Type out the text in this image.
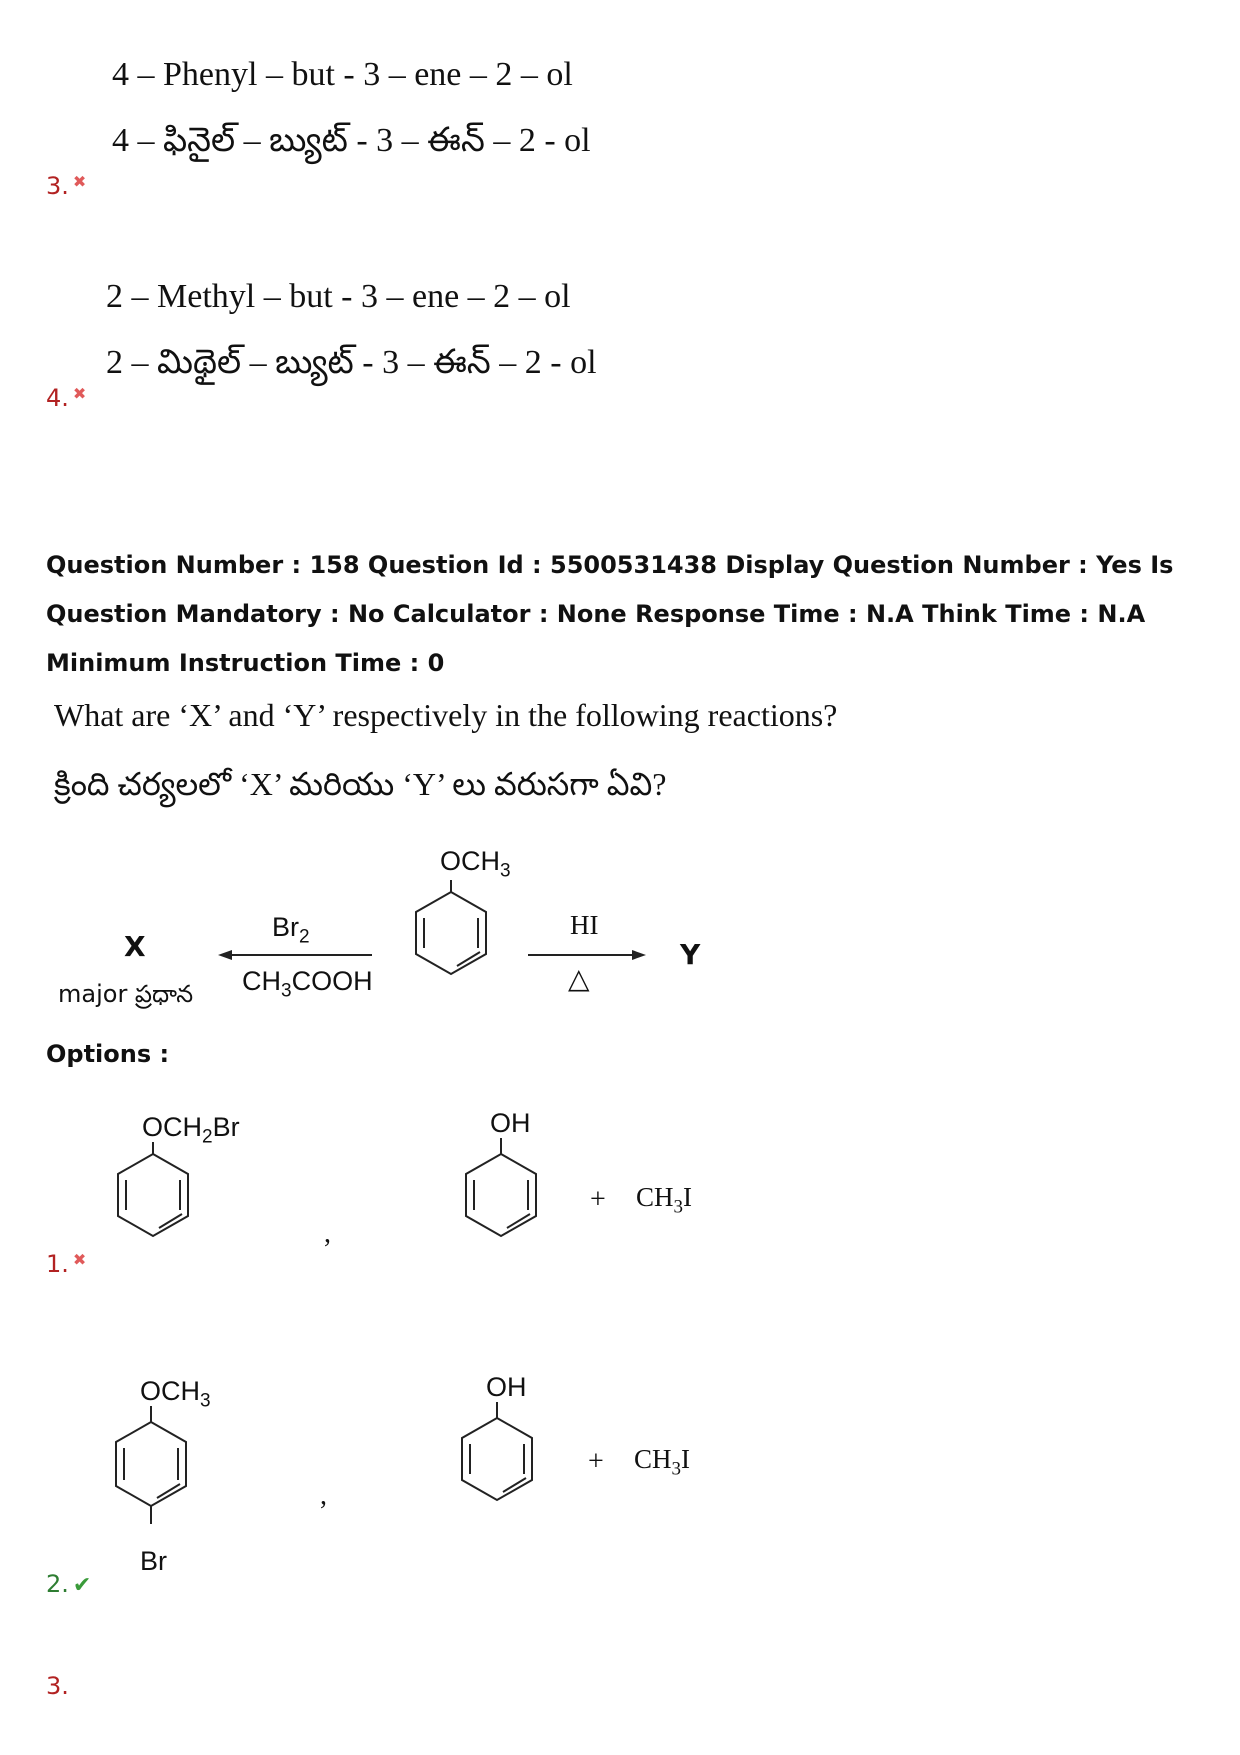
4 – Phenyl – but - 3 – ene – 2 – ol
4 – ఫినైల్ – బ్యుట్ - 3 – ఈన్ – 2 - ol
3. ✖
2 – Methyl – but - 3 – ene – 2 – ol
2 – మిథైల్ – బ్యుట్ - 3 – ఈన్ – 2 - ol
4. ✖
Question Number : 158 Question Id : 5500531438 Display Question Number : Yes Is Question Mandatory : No Calculator : None Response Time : N.A Think Time : N.A Minimum Instruction Time : 0
What are ‘X’ and ‘Y’ respectively in the following reactions?
క్రింది చర్యలలో ‘X’ మరియు ‘Y’ లు వరుసగా ఏవి?
$OCH_3$
$Br_2$
$CH_3COOH$
X
major ప్రధాన
HI
△
Y
Options :
$OCH_2Br$
,
OH
+ $CH_3I$
1. ✖
$OCH_3$
Br
,
OH
+ $CH_3I$
2. ✔
3.
